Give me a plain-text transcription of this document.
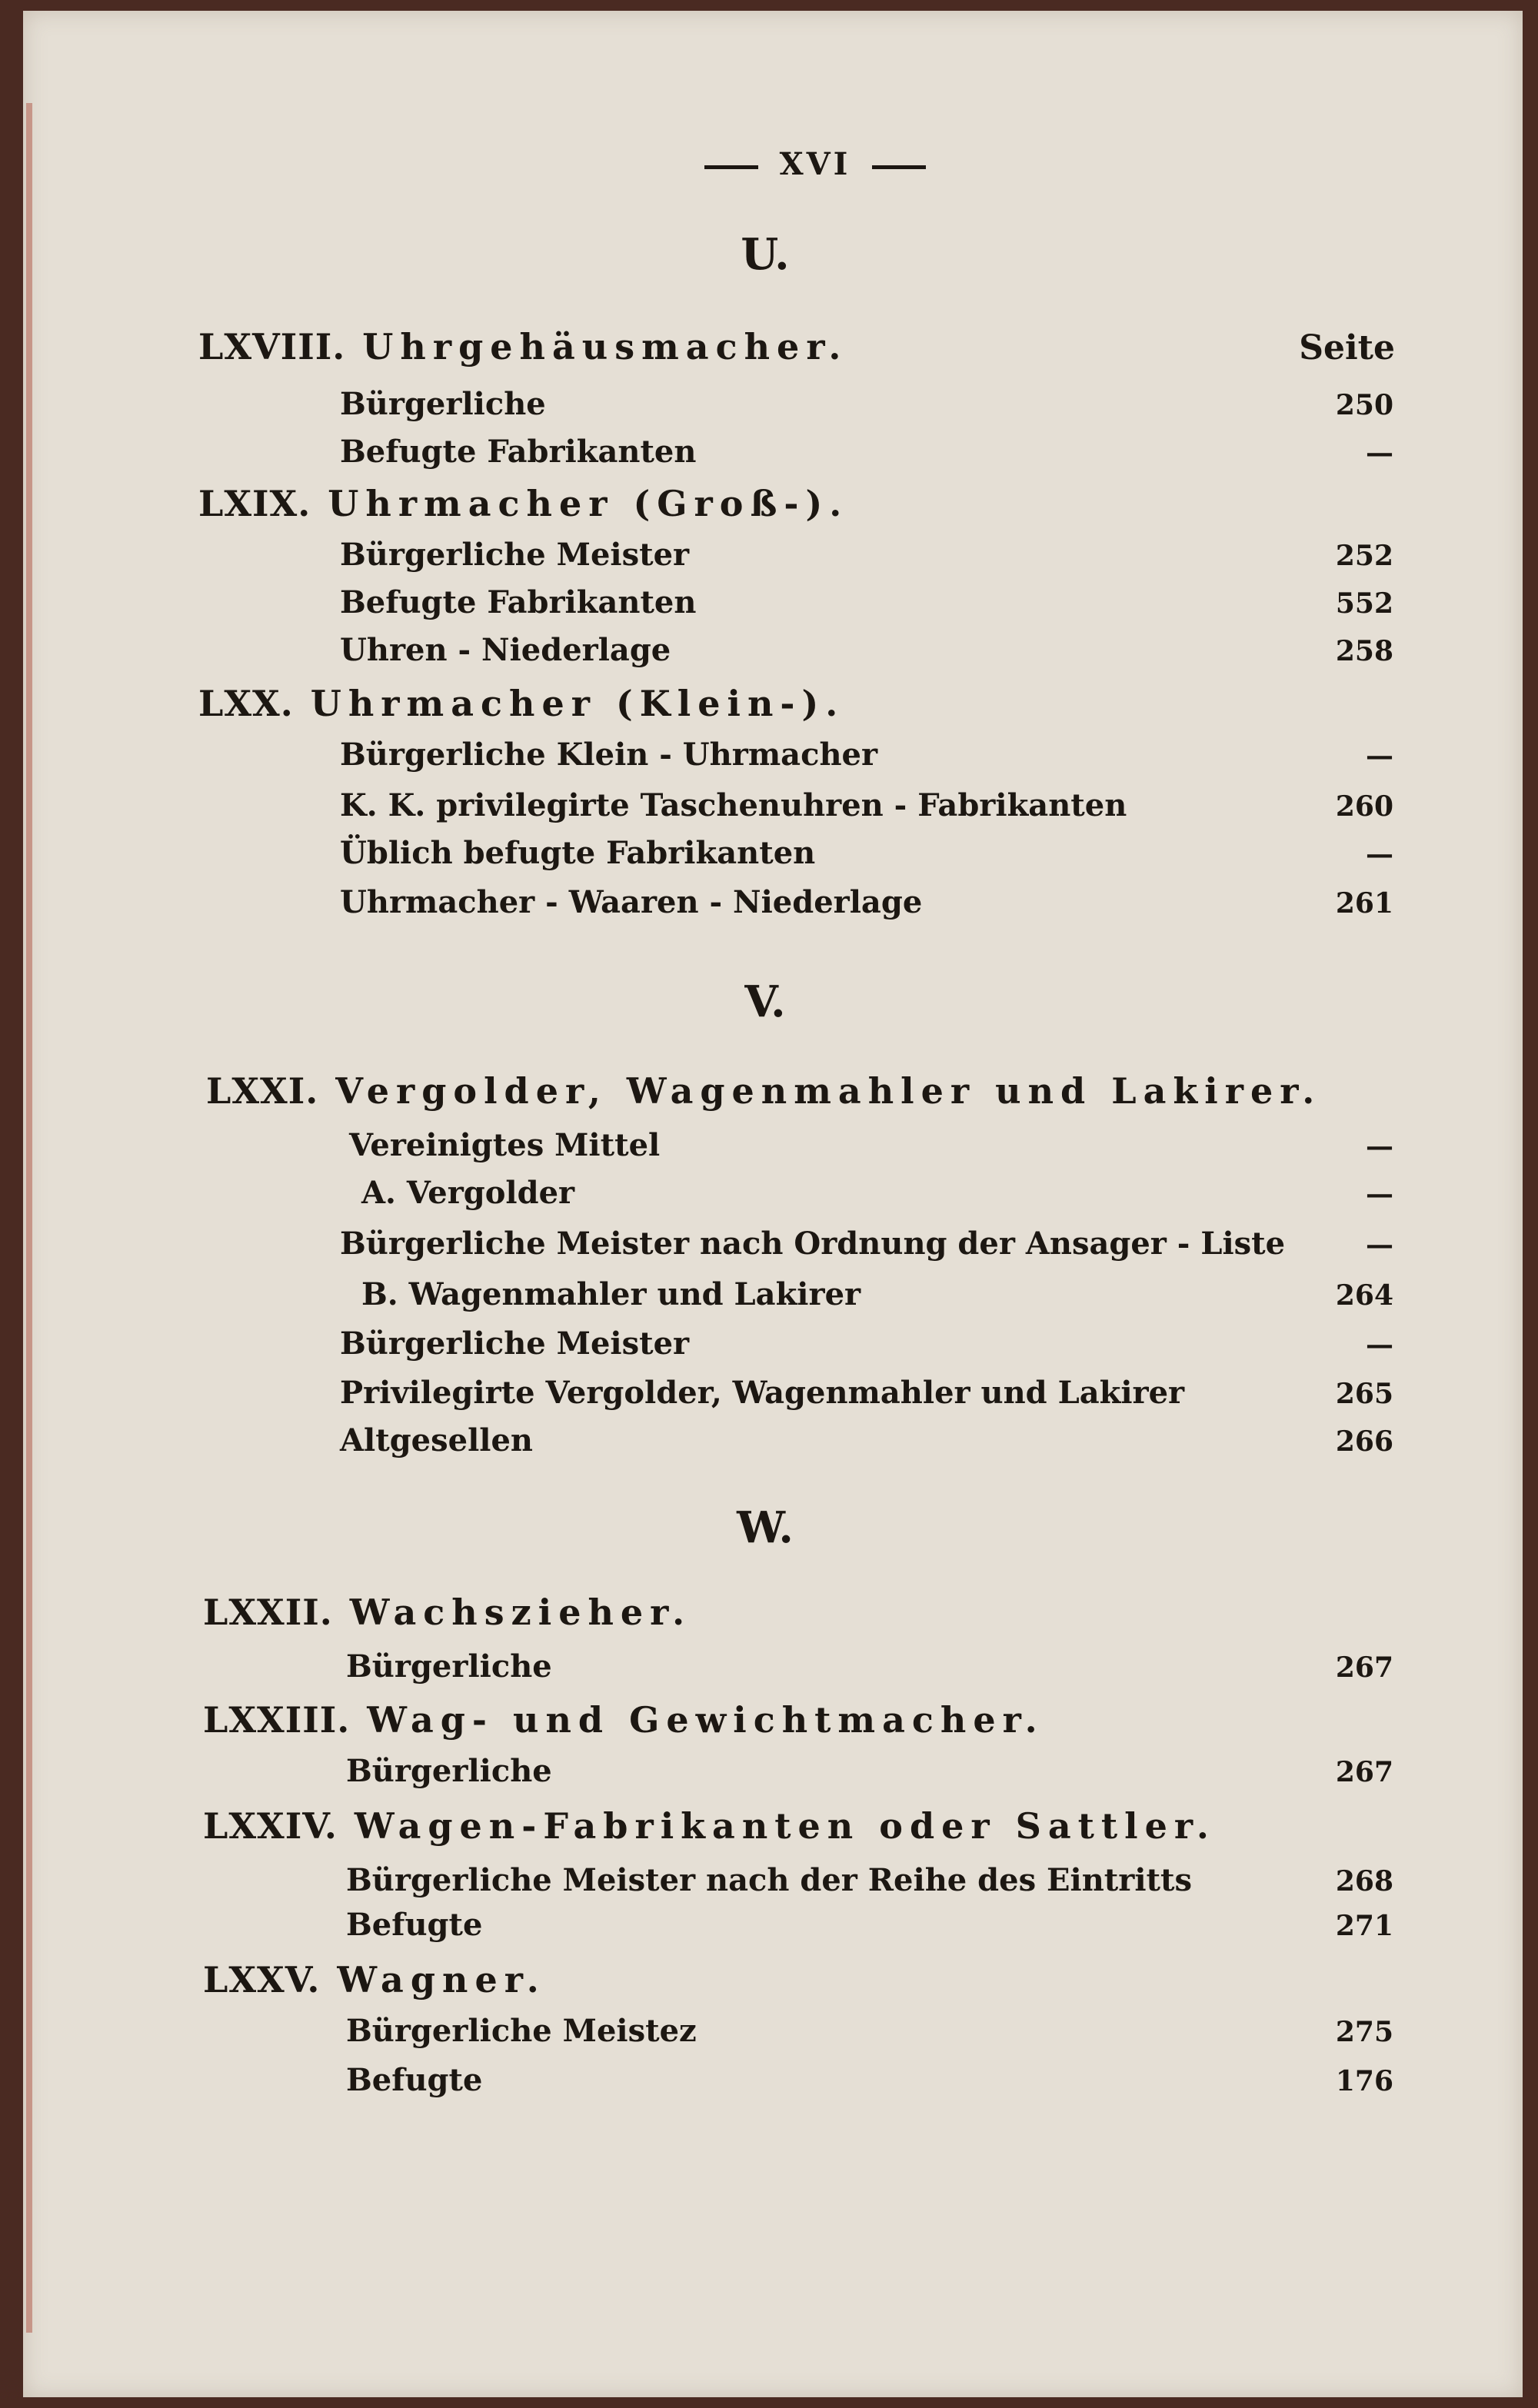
XVI
U.
LXVIII. Uhrgehäusmacher.	Seite
Bürgerliche	250
Befugte Fabrikanten	—
LXIX. Uhrmacher (Groß-).
Bürgerliche Meister	252
Befugte Fabrikanten	552
Uhren - Niederlage	258
LXX. Uhrmacher (Klein-).
Bürgerliche Klein - Uhrmacher	—
K. K. privilegirte Taschenuhren - Fabrikanten	260
Üblich befugte Fabrikanten	—
Uhrmacher - Waaren - Niederlage	261
V.
LXXI. Vergolder, Wagenmahler und Lakirer.
Vereinigtes Mittel	—
A. Vergolder	—
Bürgerliche Meister nach Ordnung der Ansager - Liste	—
B. Wagenmahler und Lakirer	264
Bürgerliche Meister	—
Privilegirte Vergolder, Wagenmahler und Lakirer	265
Altgesellen	266
W.
LXXII. Wachszieher.
Bürgerliche	267
LXXIII. Wag- und Gewichtmacher.
Bürgerliche	267
LXXIV. Wagen-Fabrikanten oder Sattler.
Bürgerliche Meister nach der Reihe des Eintritts	268
Befugte	271
LXXV. Wagner.
Bürgerliche Meistez	275
Befugte	176
